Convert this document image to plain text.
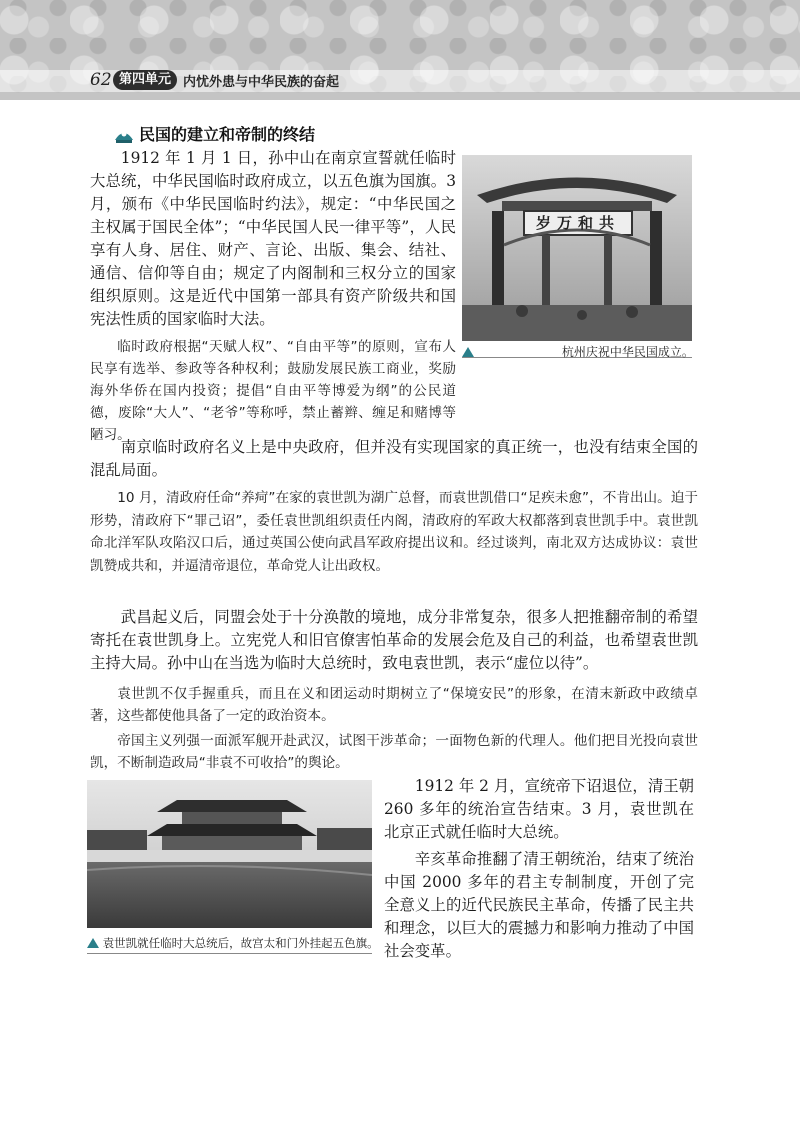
62 第四单元 内忧外患与中华民族的奋起
民国的建立和帝制的终结

1912 年 1 月 1 日，孙中山在南京宣誓就任临时大总统，中华民国临时政府成立，以五色旗为国旗。3 月，颁布《中华民国临时约法》，规定：“中华民国之主权属于国民全体”；“中华民国人民一律平等”，人民享有人身、居住、财产、言论、出版、集会、结社、通信、信仰等自由；规定了内阁制和三权分立的国家组织原则。这是近代中国第一部具有资产阶级共和国宪法性质的国家临时大法。

岁万和共
杭州庆祝中华民国成立。

临时政府根据“天赋人权”、“自由平等”的原则，宣布人民享有选举、参政等各种权利；鼓励发展民族工商业，奖励海外华侨在国内投资；提倡“自由平等博爱为纲”的公民道德，废除“大人”、“老爷”等称呼，禁止蓄辫、缠足和赌博等陋习。

南京临时政府名义上是中央政府，但并没有实现国家的真正统一，也没有结束全国的混乱局面。

10 月，清政府任命“养疴”在家的袁世凯为湖广总督，而袁世凯借口“足疾未愈”，不肯出山。迫于形势，清政府下“罪己诏”，委任袁世凯组织责任内阁，清政府的军政大权都落到袁世凯手中。袁世凯命北洋军队攻陷汉口后，通过英国公使向武昌军政府提出议和。经过谈判，南北双方达成协议：袁世凯赞成共和，并逼清帝退位，革命党人让出政权。

武昌起义后，同盟会处于十分涣散的境地，成分非常复杂，很多人把推翻帝制的希望寄托在袁世凯身上。立宪党人和旧官僚害怕革命的发展会危及自己的利益，也希望袁世凯主持大局。孙中山在当选为临时大总统时，致电袁世凯，表示“虚位以待”。

袁世凯不仅手握重兵，而且在义和团运动时期树立了“保境安民”的形象，在清末新政中政绩卓著，这些都使他具备了一定的政治资本。

帝国主义列强一面派军舰开赴武汉，试图干涉革命；一面物色新的代理人。他们把目光投向袁世凯，不断制造政局“非袁不可收拾”的舆论。

袁世凯就任临时大总统后，故宫太和门外挂起五色旗。

1912 年 2 月，宣统帝下诏退位，清王朝 260 多年的统治宣告结束。3 月，袁世凯在北京正式就任临时大总统。

辛亥革命推翻了清王朝统治，结束了统治中国 2000 多年的君主专制制度，开创了完全意义上的近代民族民主革命，传播了民主共和理念，以巨大的震撼力和影响力推动了中国社会变革。
